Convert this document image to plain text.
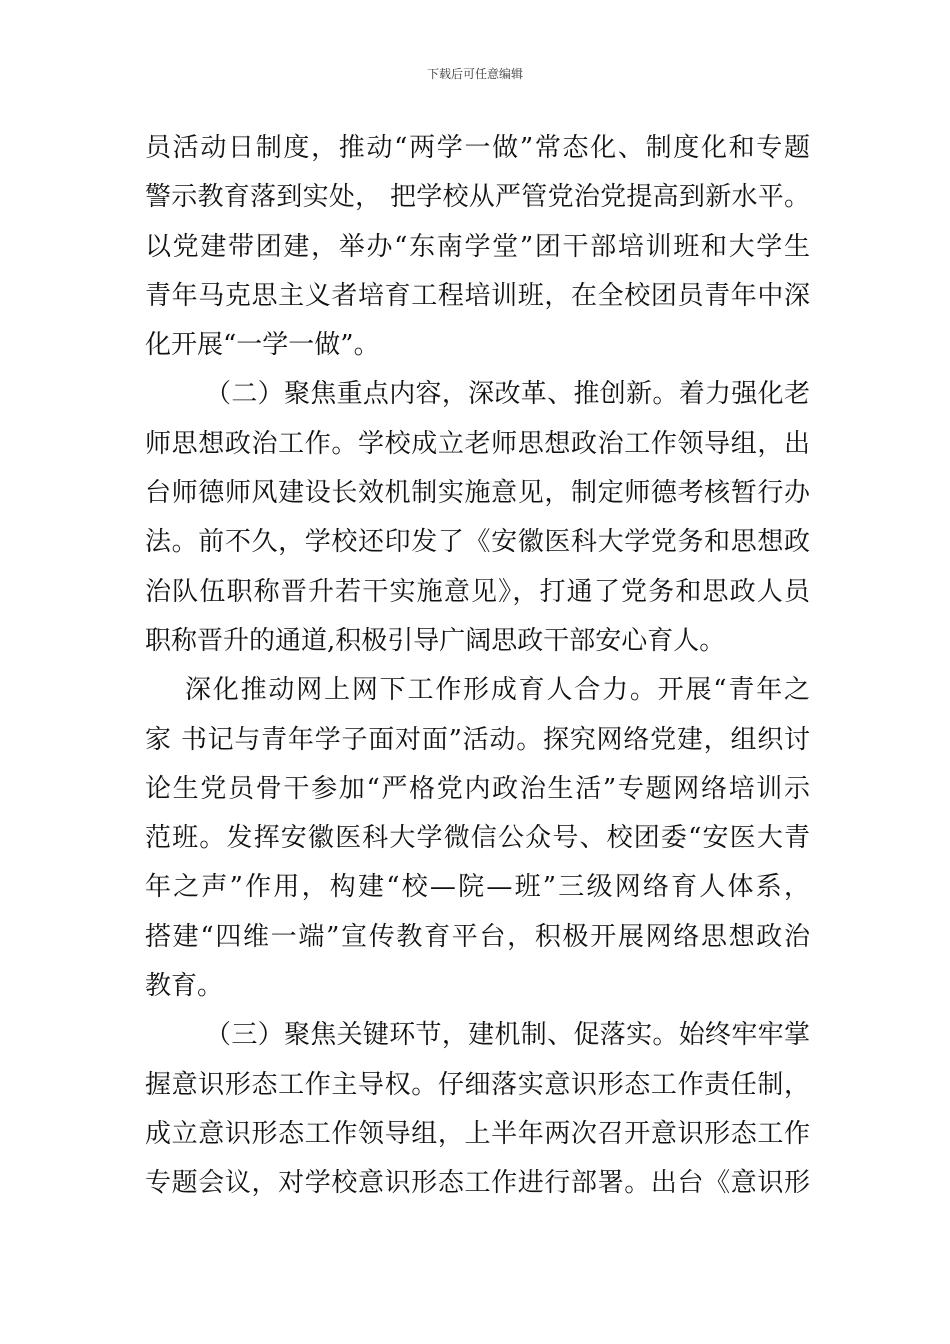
下载后可任意编辑
员活动日制度，推动“两学一做”常态化、制度化和专题
警示教育落到实处， 把学校从严管党治党提高到新水平。
以党建带团建，举办“东南学堂”团干部培训班和大学生
青年马克思主义者培育工程培训班，在全校团员青年中深
化开展“一学一做”。
（二）聚焦重点内容，深改革、推创新。着力强化老
师思想政治工作。学校成立老师思想政治工作领导组，出
台师德师风建设长效机制实施意见，制定师德考核暂行办
法。前不久，学校还印发了《安徽医科大学党务和思想政
治队伍职称晋升若干实施意见》，打通了党务和思政人员
职称晋升的通道,积极引导广阔思政干部安心育人。
深化推动网上网下工作形成育人合力。开展“青年之
家 书记与青年学子面对面”活动。探究网络党建，组织讨
论生党员骨干参加“严格党内政治生活”专题网络培训示
范班。发挥安徽医科大学微信公众号、校团委“安医大青
年之声”作用，构建“校—院—班”三级网络育人体系，
搭建“四维一端”宣传教育平台，积极开展网络思想政治
教育。
（三）聚焦关键环节，建机制、促落实。始终牢牢掌
握意识形态工作主导权。仔细落实意识形态工作责任制，
成立意识形态工作领导组，上半年两次召开意识形态工作
专题会议，对学校意识形态工作进行部署。出台《意识形
